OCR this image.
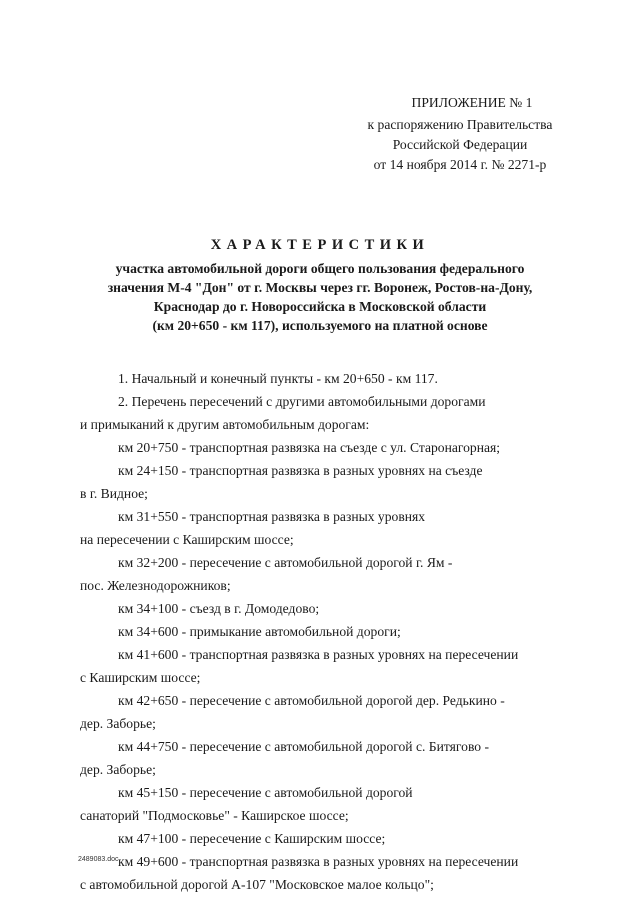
ПРИЛОЖЕНИЕ № 1
к распоряжению Правительства
Российской Федерации
от 14 ноября 2014 г. № 2271-р
ХАРАКТЕРИСТИКИ
участка автомобильной дороги общего пользования федерального
значения М-4 "Дон" от г. Москвы через гг. Воронеж, Ростов-на-Дону,
Краснодар до г. Новороссийска в Московской области
(км 20+650 - км 117), используемого на платной основе

1. Начальный и конечный пункты - км 20+650 - км 117.

2. Перечень пересечений с другими автомобильными дорогами

и примыканий к другим автомобильным дорогам:

км 20+750 - транспортная развязка на съезде с ул. Старонагорная;

км 24+150 - транспортная развязка в разных уровнях на съезде

в г. Видное;

км 31+550 - транспортная развязка в разных уровнях

на пересечении с Каширским шоссе;

км 32+200 - пересечение с автомобильной дорогой г. Ям -

пос. Железнодорожников;

км 34+100 - съезд в г. Домодедово;

км 34+600 - примыкание автомобильной дороги;

км 41+600 - транспортная развязка в разных уровнях на пересечении

с Каширским шоссе;

км 42+650 - пересечение с автомобильной дорогой дер. Редькино -

дер. Заборье;

км 44+750 - пересечение с автомобильной дорогой с. Битягово -

дер. Заборье;

км 45+150 - пересечение с автомобильной дорогой

санаторий "Подмосковье" - Каширское шоссе;

км 47+100 - пересечение с Каширским шоссе;

км 49+600 - транспортная развязка в разных уровнях на пересечении

с автомобильной дорогой А-107 "Московское малое кольцо";

2489083.doc
